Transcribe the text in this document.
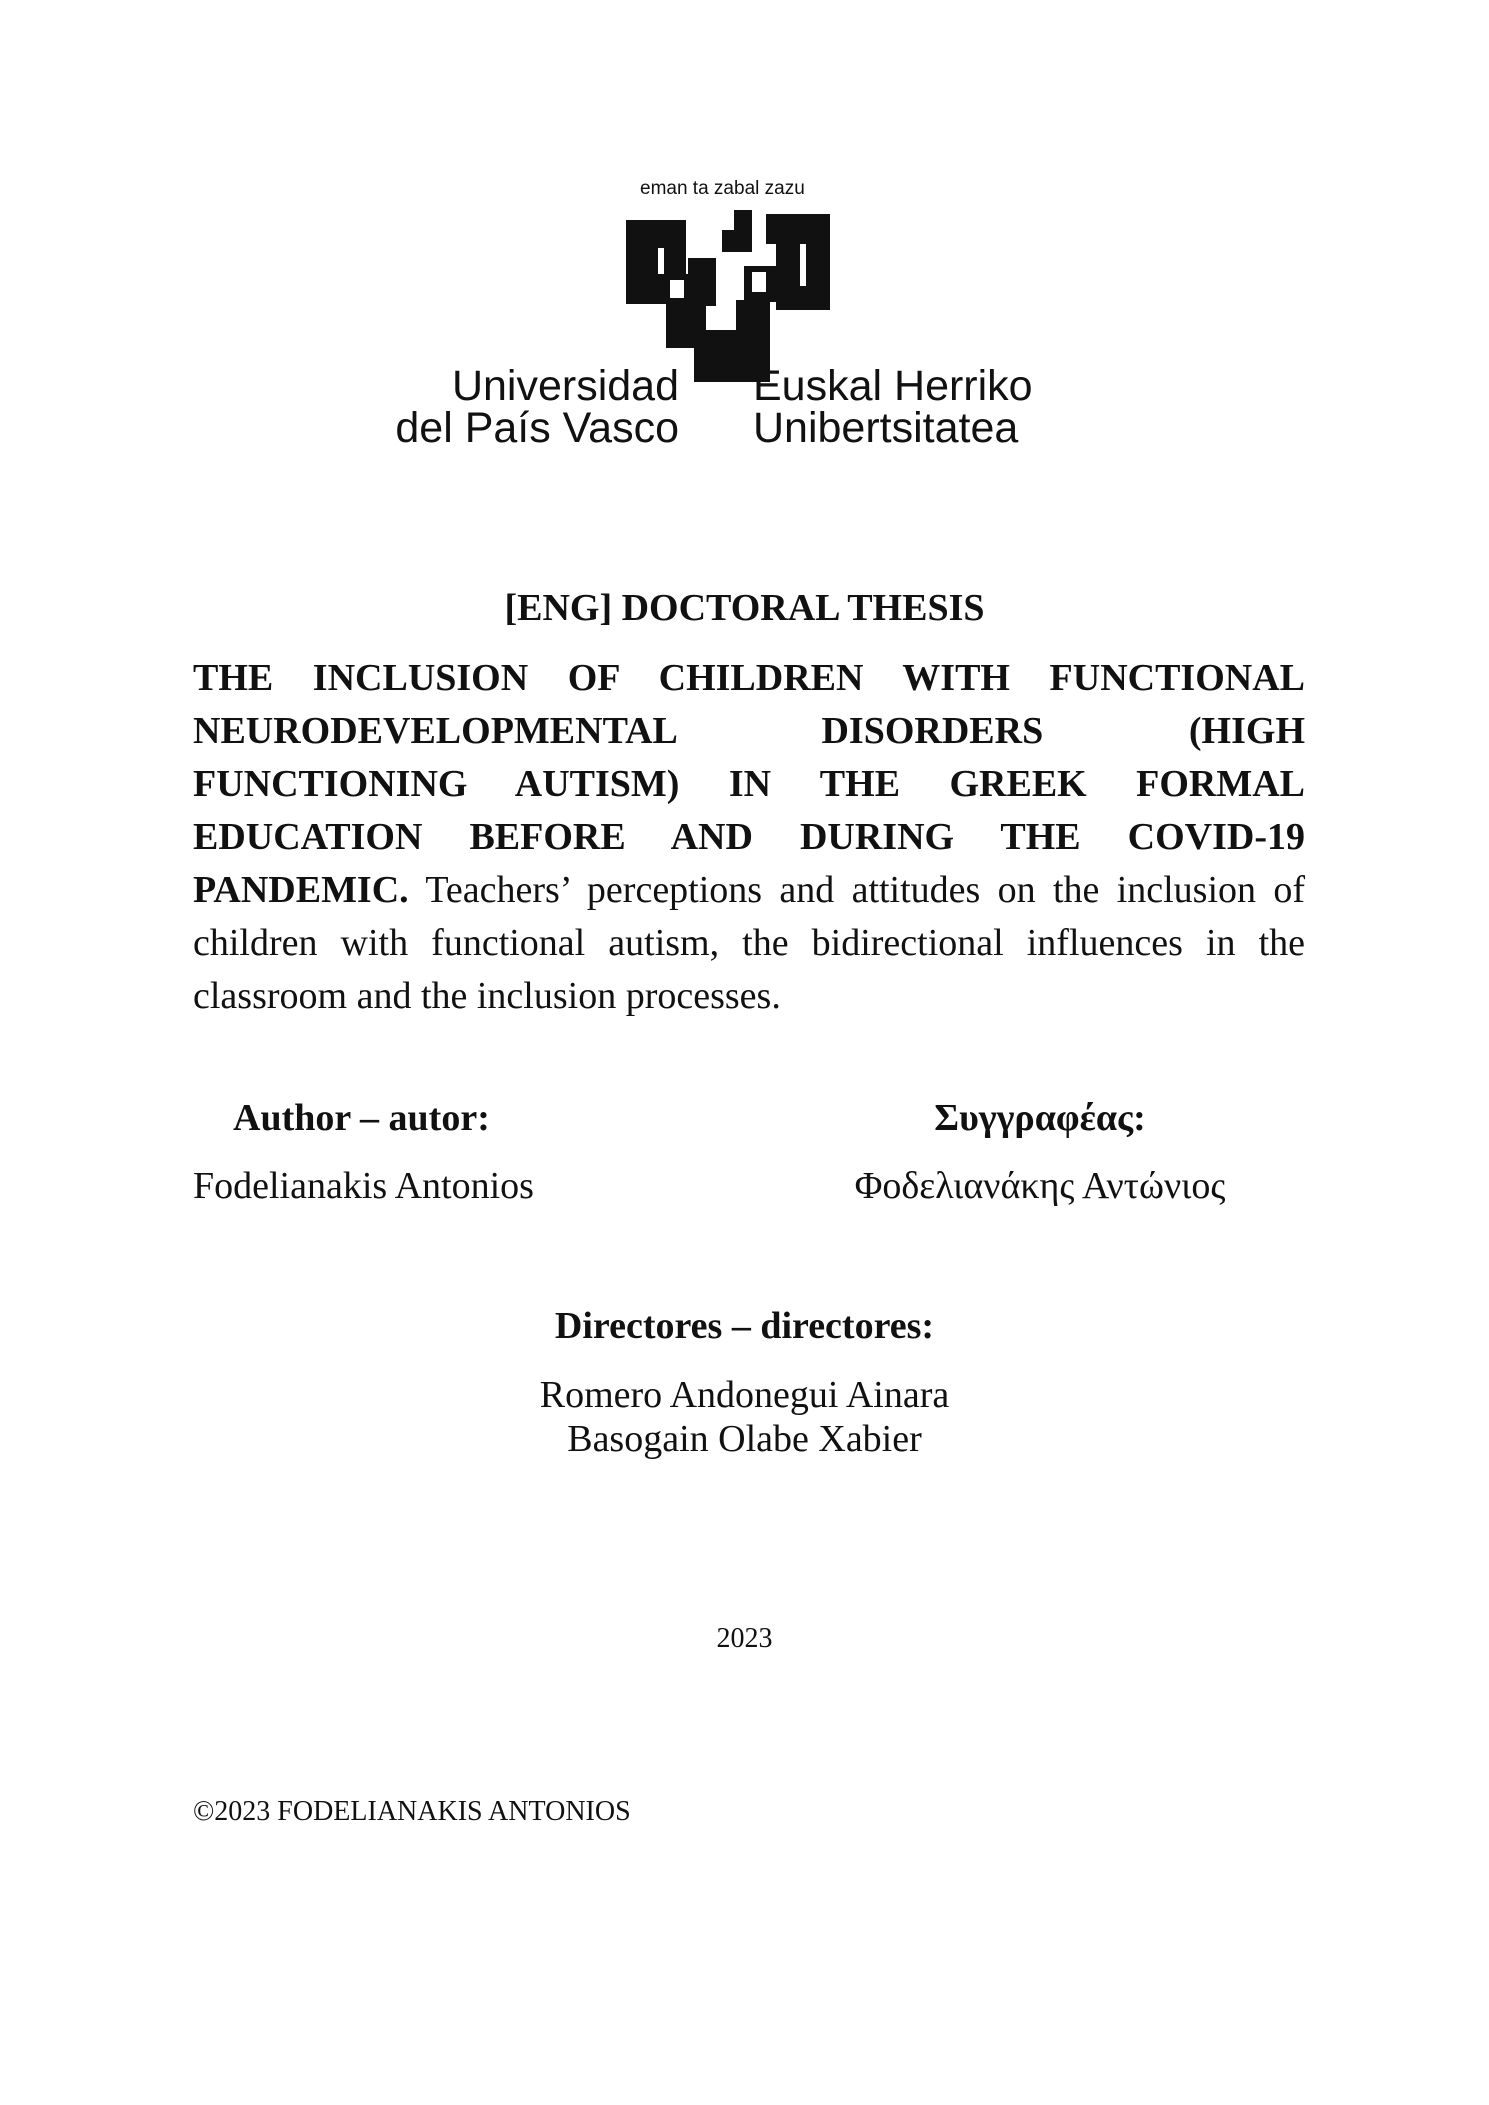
eman ta zabal zazu
Universidad
del País Vasco
Euskal Herriko
Unibertsitatea
[ENG] DOCTORAL THESIS

THE INCLUSION OF CHILDREN WITH FUNCTIONAL NEURODEVELOPMENTAL DISORDERS (HIGH FUNCTIONING AUTISM) IN THE GREEK FORMAL EDUCATION BEFORE AND DURING THE COVID-19 PANDEMIC. Teachers’ perceptions and attitudes on the inclusion of children with functional autism, the bidirectional influences in the classroom and the inclusion processes.

Author – autor:
Fodelianakis Antonios
Συγγραφέας:
Φοδελιανάκης Αντώνιος
Directores – directores:
Romero Andonegui Ainara
Basogain Olabe Xabier
2023
©2023 FODELIANAKIS ANTONIOS
